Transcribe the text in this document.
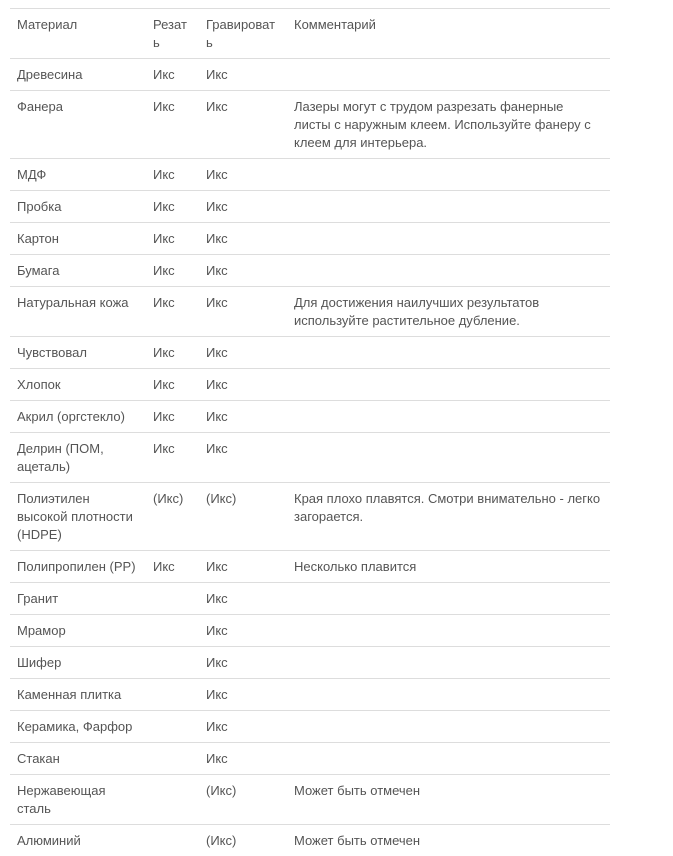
Материал	Резать	Гравировать	Комментарий
Древесина	Икс	Икс	
Фанера	Икс	Икс	Лазеры могут с трудом разрезать фанерные листы с наружным клеем. Используйте фанеру с клеем для интерьера.
МДФ	Икс	Икс	
Пробка	Икс	Икс	
Картон	Икс	Икс	
Бумага	Икс	Икс	
Натуральная кожа	Икс	Икс	Для достижения наилучших результатов используйте растительное дубление.
Чувствовал	Икс	Икс	
Хлопок	Икс	Икс	
Акрил (оргстекло)	Икс	Икс	
Делрин (ПОМ, ацеталь)	Икс	Икс	
Полиэтилен высокой плотности (HDPE)	(Икс)	(Икс)	Края плохо плавятся. Смотри внимательно - легко загорается.
Полипропилен (PP)	Икс	Икс	Несколько плавится
Гранит		Икс	
Мрамор		Икс	
Шифер		Икс	
Каменная плитка		Икс	
Керамика, Фарфор		Икс	
Стакан		Икс	
Нержавеющая сталь		(Икс)	Может быть отмечен
Алюминий		(Икс)	Может быть отмечен
